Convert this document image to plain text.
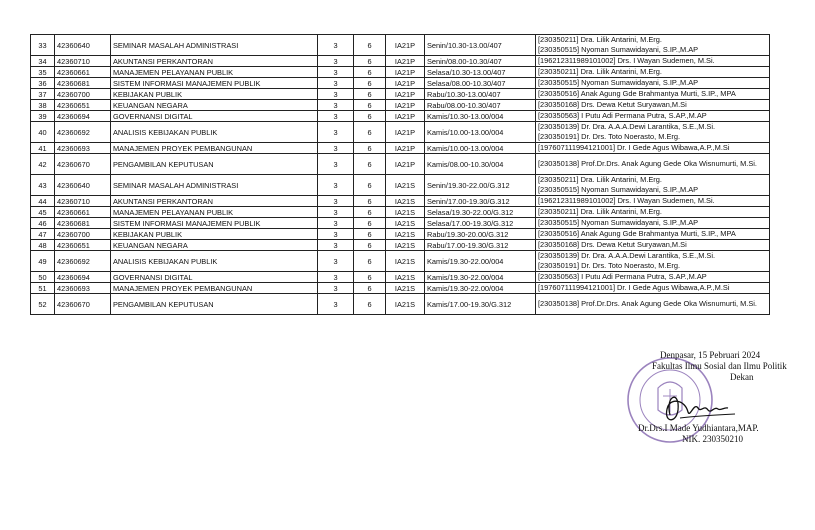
33	42360640	SEMINAR MASALAH ADMINISTRASI	3	6	IA21P	Senin/10.30-13.00/407	[230350211] Dra. Lilik Antarini, M.Erg.
[230350515] Nyoman Sumawidayani, S.IP.,M.AP

34	42360710	AKUNTANSI PERKANTORAN	3	6	IA21P	Senin/08.00-10.30/407	[196212311989101002] Drs. I Wayan Sudemen, M.Si.

35	42360661	MANAJEMEN PELAYANAN PUBLIK	3	6	IA21P	Selasa/10.30-13.00/407	[230350211] Dra. Lilik Antarini, M.Erg.

36	42360681	SISTEM INFORMASI MANAJEMEN PUBLIK	3	6	IA21P	Selasa/08.00-10.30/407	[230350515] Nyoman Sumawidayani, S.IP.,M.AP

37	42360700	KEBIJAKAN PUBLIK	3	6	IA21P	Rabu/10.30-13.00/407	[230350516] Anak Agung Gde Brahmantya Murti, S.IP., MPA

38	42360651	KEUANGAN NEGARA	3	6	IA21P	Rabu/08.00-10.30/407	[230350168] Drs. Dewa Ketut Suryawan,M.Si

39	42360694	GOVERNANSI DIGITAL	3	6	IA21P	Kamis/10.30-13.00/004	[230350563] I Putu Adi Permana Putra, S.AP.,M.AP

40	42360692	ANALISIS KEBIJAKAN PUBLIK	3	6	IA21P	Kamis/10.00-13.00/004	[230350139] Dr. Dra. A.A.A.Dewi Larantika, S.E.,M.Si.
[230350191] Dr. Drs. Toto Noerasto, M.Erg.

41	42360693	MANAJEMEN PROYEK PEMBANGUNAN	3	6	IA21P	Kamis/10.00-13.00/004	[197607111994121001] Dr. I Gede Agus Wibawa,A.P.,M.Si

42	42360670	PENGAMBILAN KEPUTUSAN	3	6	IA21P	Kamis/08.00-10.30/004	[230350138] Prof.Dr.Drs. Anak Agung Gede Oka Wisnumurti, M.Si.

43	42360640	SEMINAR MASALAH ADMINISTRASI	3	6	IA21S	Senin/19.30-22.00/G.312	[230350211] Dra. Lilik Antarini, M.Erg.
[230350515] Nyoman Sumawidayani, S.IP.,M.AP

44	42360710	AKUNTANSI PERKANTORAN	3	6	IA21S	Senin/17.00-19.30/G.312	[196212311989101002] Drs. I Wayan Sudemen, M.Si.

45	42360661	MANAJEMEN PELAYANAN PUBLIK	3	6	IA21S	Selasa/19.30-22.00/G.312	[230350211] Dra. Lilik Antarini, M.Erg.

46	42360681	SISTEM INFORMASI MANAJEMEN PUBLIK	3	6	IA21S	Selasa/17.00-19.30/G.312	[230350515] Nyoman Sumawidayani, S.IP.,M.AP

47	42360700	KEBIJAKAN PUBLIK	3	6	IA21S	Rabu/19.30-20.00/G.312	[230350516] Anak Agung Gde Brahmantya Murti, S.IP., MPA

48	42360651	KEUANGAN NEGARA	3	6	IA21S	Rabu/17.00-19.30/G.312	[230350168] Drs. Dewa Ketut Suryawan,M.Si

49	42360692	ANALISIS KEBIJAKAN PUBLIK	3	6	IA21S	Kamis/19.30-22.00/004	[230350139] Dr. Dra. A.A.A.Dewi Larantika, S.E.,M.Si.
[230350191] Dr. Drs. Toto Noerasto, M.Erg.

50	42360694	GOVERNANSI DIGITAL	3	6	IA21S	Kamis/19.30-22.00/004	[230350563] I Putu Adi Permana Putra, S.AP.,M.AP

51	42360693	MANAJEMEN PROYEK PEMBANGUNAN	3	6	IA21S	Kamis/19.30-22.00/004	[197607111994121001] Dr. I Gede Agus Wibawa,A.P.,M.Si

52	42360670	PENGAMBILAN KEPUTUSAN	3	6	IA21S	Kamis/17.00-19.30/G.312	[230350138] Prof.Dr.Drs. Anak Agung Gede Oka Wisnumurti, M.Si.
Denpasar, 15 Pebruari 2024
Fakultas Ilmu Sosial dan Ilmu Politik
Dekan
Dr.Drs.I Made Yudhiantara,MAP.
NIK. 230350210
